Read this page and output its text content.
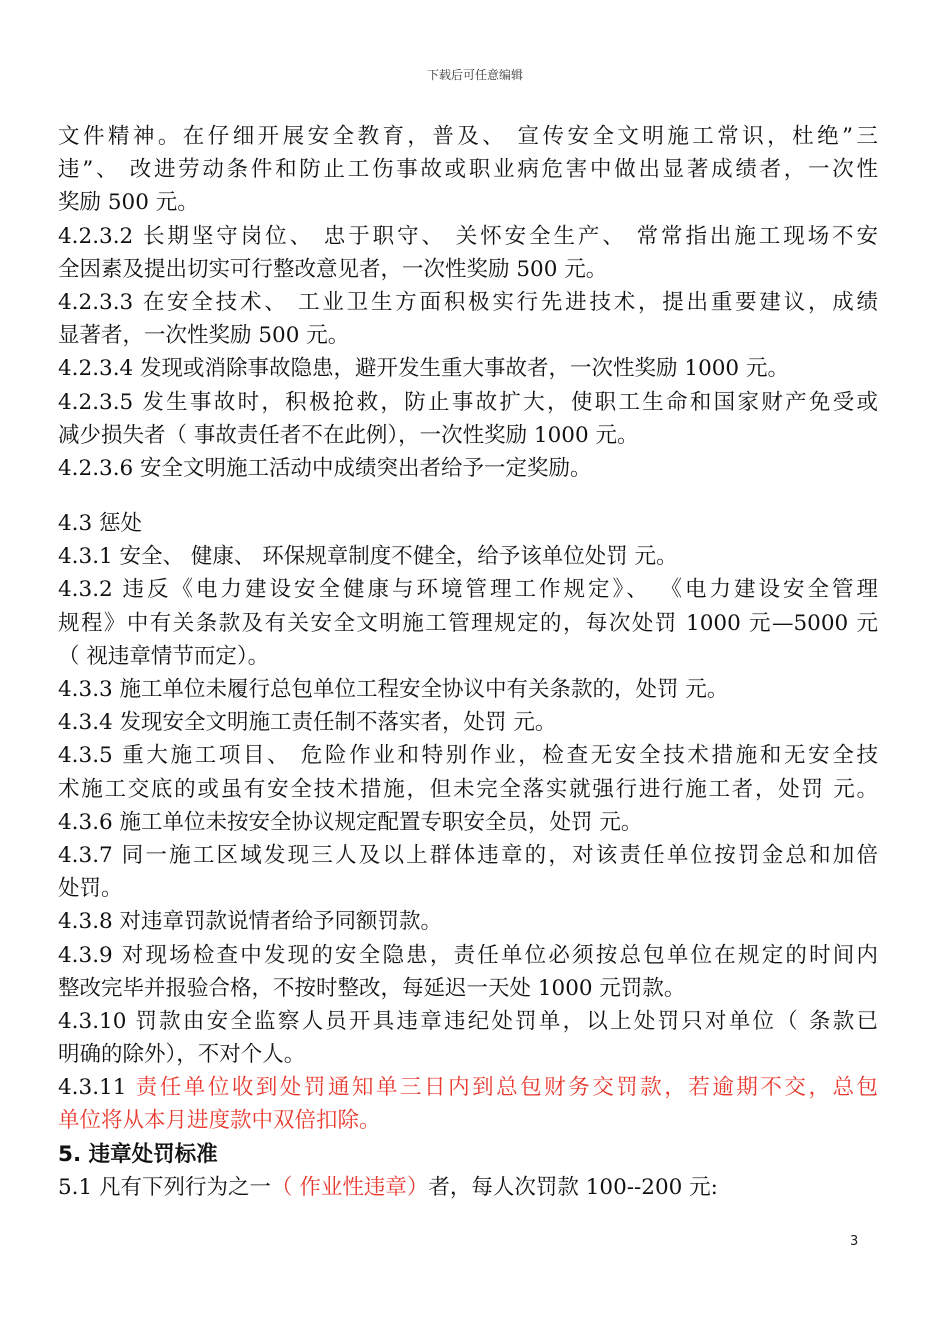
下载后可任意编辑
文件精神。在仔细开展安全教育，普及、 宣传安全文明施工常识，杜绝”三
违”、 改进劳动条件和防止工伤事故或职业病危害中做出显著成绩者，一次性
奖励 500 元。
4.2.3.2 长期坚守岗位、 忠于职守、 关怀安全生产、 常常指出施工现场不安
全因素及提出切实可行整改意见者，一次性奖励 500 元。
4.2.3.3 在安全技术、 工业卫生方面积极实行先进技术，提出重要建议，成绩
显著者，一次性奖励 500 元。
4.2.3.4 发现或消除事故隐患，避开发生重大事故者，一次性奖励 1000 元。
4.2.3.5 发生事故时，积极抢救，防止事故扩大，使职工生命和国家财产免受或
减少损失者（ 事故责任者不在此例），一次性奖励 1000 元。
4.2.3.6 安全文明施工活动中成绩突出者给予一定奖励。
4.3 惩处
4.3.1 安全、 健康、 环保规章制度不健全，给予该单位处罚 元。
4.3.2 违反《电力建设安全健康与环境管理工作规定》、 《电力建设安全管理
规程》中有关条款及有关安全文明施工管理规定的，每次处罚 1000 元—5000 元
（ 视违章情节而定）。
4.3.3 施工单位未履行总包单位工程安全协议中有关条款的，处罚 元。
4.3.4 发现安全文明施工责任制不落实者，处罚 元。
4.3.5 重大施工项目、 危险作业和特别作业，检查无安全技术措施和无安全技
术施工交底的或虽有安全技术措施，但未完全落实就强行进行施工者，处罚 元。
4.3.6 施工单位未按安全协议规定配置专职安全员，处罚 元。
4.3.7 同一施工区域发现三人及以上群体违章的，对该责任单位按罚金总和加倍
处罚。
4.3.8 对违章罚款说情者给予同额罚款。
4.3.9 对现场检查中发现的安全隐患，责任单位必须按总包单位在规定的时间内
整改完毕并报验合格，不按时整改，每延迟一天处 1000 元罚款。
4.3.10 罚款由安全监察人员开具违章违纪处罚单，以上处罚只对单位（ 条款已
明确的除外），不对个人。
4.3.11 责任单位收到处罚通知单三日内到总包财务交罚款，若逾期不交，总包
单位将从本月进度款中双倍扣除。
5. 违章处罚标准
5.1 凡有下列行为之一（ 作业性违章）者，每人次罚款 100--200 元:
3
